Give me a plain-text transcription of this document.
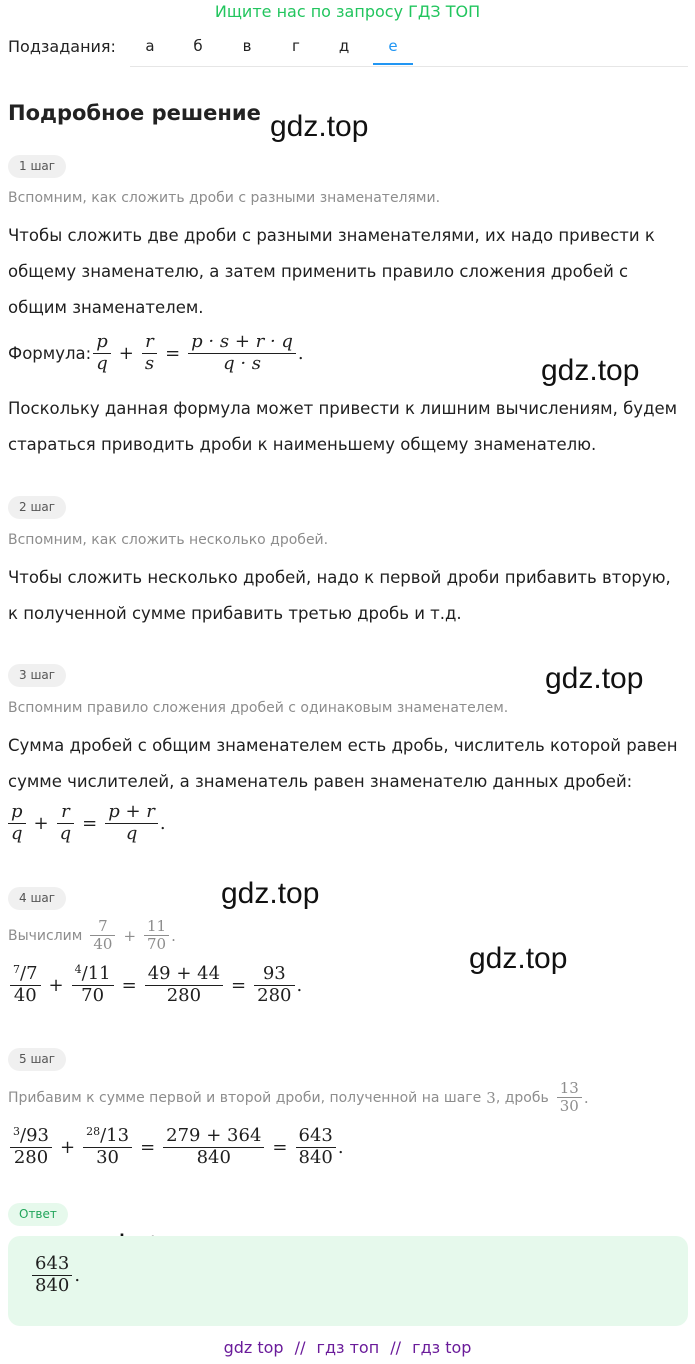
Ищите нас по запросу ГДЗ ТОП
Подзадания:	а	б	в	г	д	е
Подробное решение gdz.top
gdz.top
gdz.top
gdz.top
gdz.top
1 шаг
Вспомним, как сложить дроби с разными знаменателями.
Чтобы сложить две дроби с разными знаменателями, их надо привести к общему знаменателю, а затем применить правило сложения дробей с общим знаменателем.
Формула: $\frac{p}{q} + \frac{r}{s} = \frac{p \cdot s + r \cdot q}{q \cdot s}$ .
Поскольку данная формула может привести к лишним вычислениям, будем стараться приводить дроби к наименьшему общему знаменателю.
2 шаг
Вспомним, как сложить несколько дробей.
Чтобы сложить несколько дробей, надо к первой дроби прибавить вторую, к полученной сумме прибавить третью дробь и т.д.
3 шаг
Вспомним правило сложения дробей с одинаковым знаменателем.
Сумма дробей с общим знаменателем есть дробь, числитель которой равен сумме числителей, а знаменатель равен знаменателю данных дробей:
$\frac{p}{q} + \frac{r}{q} = \frac{p + r}{q}$ .
4 шаг
Вычислим $\frac{7}{40} + \frac{11}{70}$ .
$\frac{^7/7}{40} + \frac{^4/11}{70} = \frac{49 + 44}{280} = \frac{93}{280}$ .
5 шаг
Прибавим к сумме первой и второй дроби, полученной на шаге 3 , дробь $\frac{13}{30}$ .
$\frac{^3/93}{280} + \frac{^{28}/13}{30} = \frac{279 + 364}{840} = \frac{643}{840}$ .
Ответ
$\frac{643}{840}$ .
gdz top // гдз топ // гдз top
